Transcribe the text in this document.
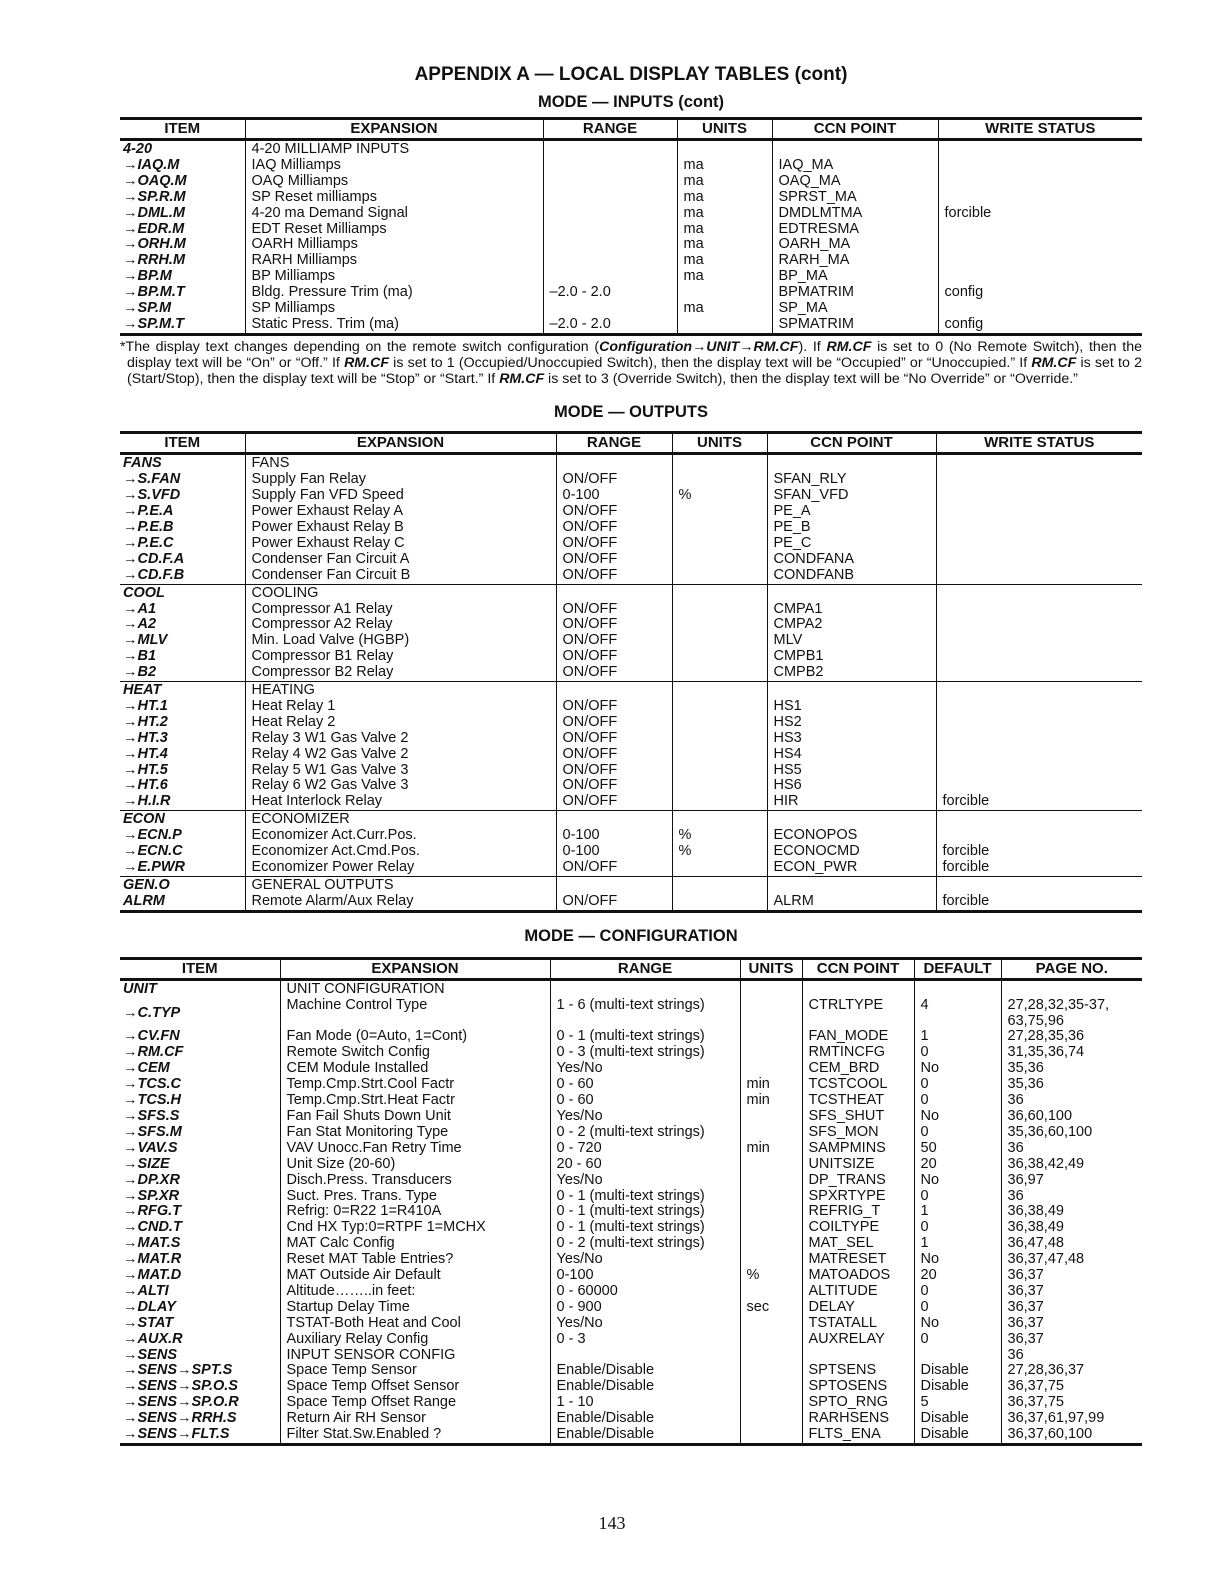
APPENDIX A — LOCAL DISPLAY TABLES (cont)
MODE — INPUTS (cont)
ITEM	EXPANSION	RANGE	UNITS	CCN POINT	WRITE STATUS
4-20	4-20 MILLIAMP INPUTS				
→IAQ.M	IAQ Milliamps		ma	IAQ_MA	
→OAQ.M	OAQ Milliamps		ma	OAQ_MA	
→SP.R.M	SP Reset milliamps		ma	SPRST_MA	
→DML.M	4-20 ma Demand Signal		ma	DMDLMTMA	forcible
→EDR.M	EDT Reset Milliamps		ma	EDTRESMA	
→ORH.M	OARH Milliamps		ma	OARH_MA	
→RRH.M	RARH Milliamps		ma	RARH_MA	
→BP.M	BP Milliamps		ma	BP_MA	
→BP.M.T	Bldg. Pressure Trim (ma)	–2.0 - 2.0		BPMATRIM	config
→SP.M	SP Milliamps		ma	SP_MA	
→SP.M.T	Static Press. Trim (ma)	–2.0 - 2.0		SPMATRIM	config

*The display text changes depending on the remote switch configuration (Configuration→UNIT→RM.CF). If RM.CF is set to 0 (No Remote Switch), then the display text will be “On” or “Off.” If RM.CF is set to 1 (Occupied/Unoccupied Switch), then the display text will be “Occupied” or “Unoccupied.” If RM.CF is set to 2 (Start/Stop), then the display text will be “Stop” or “Start.” If RM.CF is set to 3 (Override Switch), then the display text will be “No Override” or “Override.”

MODE — OUTPUTS
ITEM	EXPANSION	RANGE	UNITS	CCN POINT	WRITE STATUS
FANS	FANS				
→S.FAN	Supply Fan Relay	ON/OFF		SFAN_RLY	
→S.VFD	Supply Fan VFD Speed	0-100	%	SFAN_VFD	
→P.E.A	Power Exhaust Relay A	ON/OFF		PE_A	
→P.E.B	Power Exhaust Relay B	ON/OFF		PE_B	
→P.E.C	Power Exhaust Relay C	ON/OFF		PE_C	
→CD.F.A	Condenser Fan Circuit A	ON/OFF		CONDFANA	
→CD.F.B	Condenser Fan Circuit B	ON/OFF		CONDFANB	
COOL	COOLING				
→A1	Compressor A1 Relay	ON/OFF		CMPA1	
→A2	Compressor A2 Relay	ON/OFF		CMPA2	
→MLV	Min. Load Valve (HGBP)	ON/OFF		MLV	
→B1	Compressor B1 Relay	ON/OFF		CMPB1	
→B2	Compressor B2 Relay	ON/OFF		CMPB2	
HEAT	HEATING				
→HT.1	Heat Relay 1	ON/OFF		HS1	
→HT.2	Heat Relay 2	ON/OFF		HS2	
→HT.3	Relay 3 W1 Gas Valve 2	ON/OFF		HS3	
→HT.4	Relay 4 W2 Gas Valve 2	ON/OFF		HS4	
→HT.5	Relay 5 W1 Gas Valve 3	ON/OFF		HS5	
→HT.6	Relay 6 W2 Gas Valve 3	ON/OFF		HS6	
→H.I.R	Heat Interlock Relay	ON/OFF		HIR	forcible
ECON	ECONOMIZER				
→ECN.P	Economizer Act.Curr.Pos.	0-100	%	ECONOPOS	
→ECN.C	Economizer Act.Cmd.Pos.	0-100	%	ECONOCMD	forcible
→E.PWR	Economizer Power Relay	ON/OFF		ECON_PWR	forcible
GEN.O	GENERAL OUTPUTS				
ALRM	Remote Alarm/Aux Relay	ON/OFF		ALRM	forcible
MODE — CONFIGURATION
ITEM	EXPANSION	RANGE	UNITS	CCN POINT	DEFAULT	PAGE NO.
UNIT	UNIT CONFIGURATION					
→C.TYP	Machine Control Type	1 - 6 (multi-text strings)		CTRLTYPE	4	27,28,32,35-37,
63,75,96
→CV.FN	Fan Mode (0=Auto, 1=Cont)	0 - 1 (multi-text strings)		FAN_MODE	1	27,28,35,36
→RM.CF	Remote Switch Config	0 - 3 (multi-text strings)		RMTINCFG	0	31,35,36,74
→CEM	CEM Module Installed	Yes/No		CEM_BRD	No	35,36
→TCS.C	Temp.Cmp.Strt.Cool Factr	0 - 60	min	TCSTCOOL	0	35,36
→TCS.H	Temp.Cmp.Strt.Heat Factr	0 - 60	min	TCSTHEAT	0	36
→SFS.S	Fan Fail Shuts Down Unit	Yes/No		SFS_SHUT	No	36,60,100
→SFS.M	Fan Stat Monitoring Type	0 - 2 (multi-text strings)		SFS_MON	0	35,36,60,100
→VAV.S	VAV Unocc.Fan Retry Time	0 - 720	min	SAMPMINS	50	36
→SIZE	Unit Size (20-60)	20 - 60		UNITSIZE	20	36,38,42,49
→DP.XR	Disch.Press. Transducers	Yes/No		DP_TRANS	No	36,97
→SP.XR	Suct. Pres. Trans. Type	0 - 1 (multi-text strings)		SPXRTYPE	0	36
→RFG.T	Refrig: 0=R22 1=R410A	0 - 1 (multi-text strings)		REFRIG_T	1	36,38,49
→CND.T	Cnd HX Typ:0=RTPF 1=MCHX	0 - 1 (multi-text strings)		COILTYPE	0	36,38,49
→MAT.S	MAT Calc Config	0 - 2 (multi-text strings)		MAT_SEL	1	36,47,48
→MAT.R	Reset MAT Table Entries?	Yes/No		MATRESET	No	36,37,47,48
→MAT.D	MAT Outside Air Default	0-100	%	MATOADOS	20	36,37
→ALTI	Altitude……..in feet:	0 - 60000		ALTITUDE	0	36,37
→DLAY	Startup Delay Time	0 - 900	sec	DELAY	0	36,37
→STAT	TSTAT-Both Heat and Cool	Yes/No		TSTATALL	No	36,37
→AUX.R	Auxiliary Relay Config	0 - 3		AUXRELAY	0	36,37
→SENS	INPUT SENSOR CONFIG					36
→SENS→SPT.S	Space Temp Sensor	Enable/Disable		SPTSENS	Disable	27,28,36,37
→SENS→SP.O.S	Space Temp Offset Sensor	Enable/Disable		SPTOSENS	Disable	36,37,75
→SENS→SP.O.R	Space Temp Offset Range	1 - 10		SPTO_RNG	5	36,37,75
→SENS→RRH.S	Return Air RH Sensor	Enable/Disable		RARHSENS	Disable	36,37,61,97,99
→SENS→FLT.S	Filter Stat.Sw.Enabled ?	Enable/Disable		FLTS_ENA	Disable	36,37,60,100
143
